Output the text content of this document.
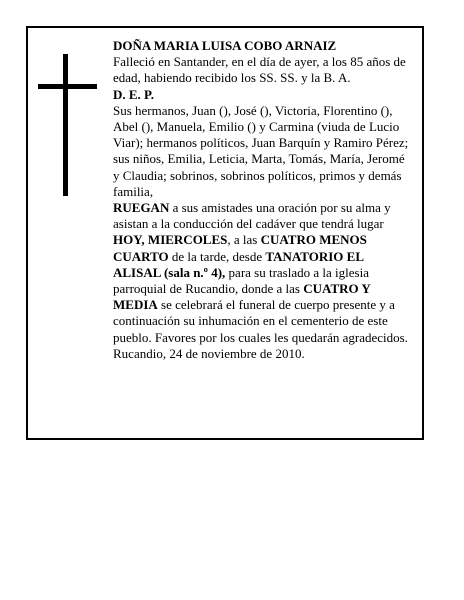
DOÑA MARIA LUISA COBO ARNAIZ

Falleció en Santander, en el día de ayer, a los 85 años de edad, habiendo recibido los SS. SS. y la B. A.

D. E. P.

Sus hermanos, Juan (), José (), Victoria, Florentino (), Abel (), Manuela, Emilio () y Carmina (viuda de Lucio Viar); hermanos políticos, Juan Barquín y Ramiro Pérez; sus niños, Emilia, Leticia, Marta, Tomás, María, Jeromé y Claudia; sobrinos, sobrinos políticos, primos y demás familia,

RUEGAN a sus amistades una oración por su alma y asistan a la conducción del cadáver que tendrá lugar HOY, MIERCOLES, a las CUATRO MENOS CUARTO de la tarde, desde TANATORIO EL ALISAL (sala n.º 4), para su traslado a la iglesia parroquial de Rucandio, donde a las CUATRO Y MEDIA se celebrará el funeral de cuerpo presente y a continuación su inhumación en el cementerio de este pueblo. Favores por los cuales les quedarán agradecidos.

Rucandio, 24 de noviembre de 2010.
